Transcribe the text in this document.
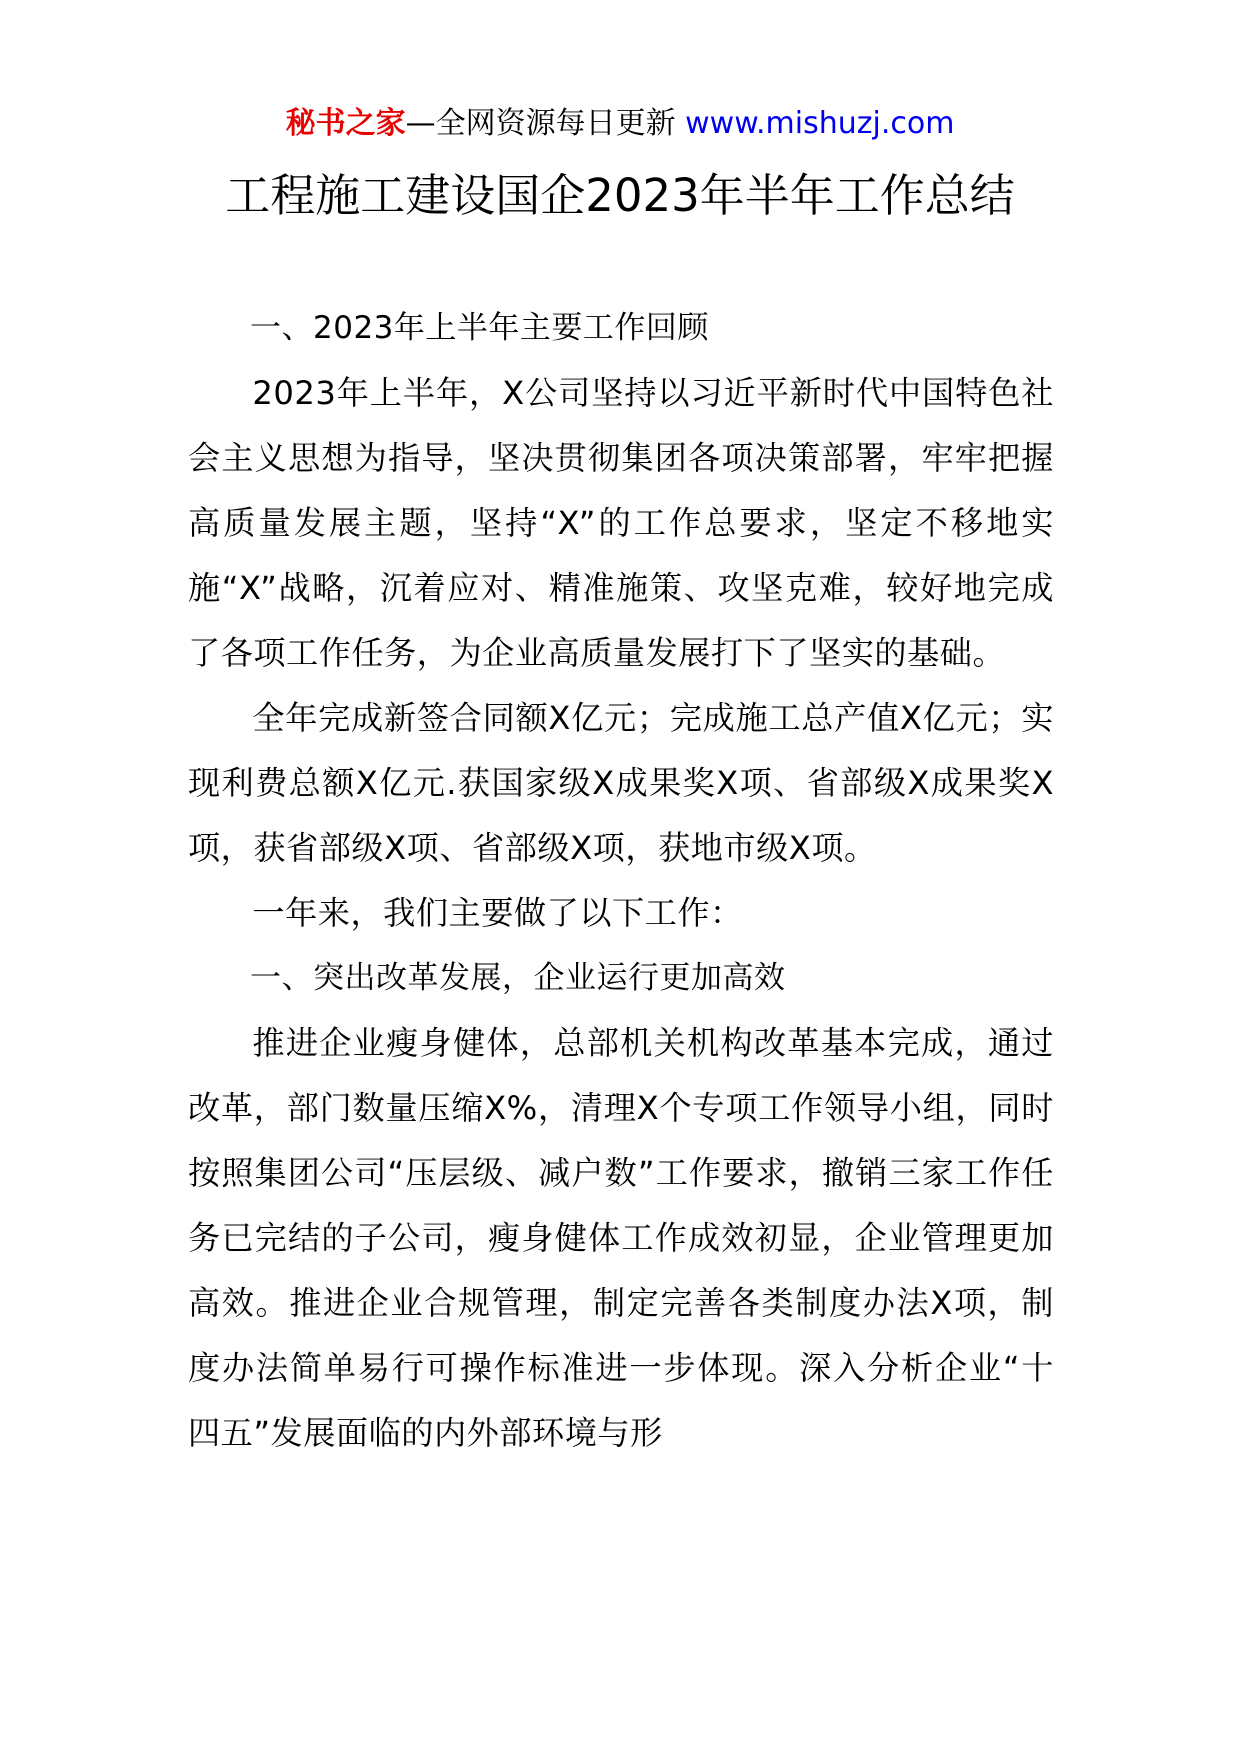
秘书之家—全网资源每日更新 www.mishuzj.com
工程施工建设国企2023年半年工作总结

一、2023年上半年主要工作回顾

2023年上半年，X公司坚持以习近平新时代中国特色社会主义思想为指导，坚决贯彻集团各项决策部署，牢牢把握高质量发展主题，坚持“X”的工作总要求，坚定不移地实施“X”战略，沉着应对、精准施策、攻坚克难，较好地完成了各项工作任务，为企业高质量发展打下了坚实的基础。

全年完成新签合同额X亿元；完成施工总产值X亿元；实现利费总额X亿元.获国家级X成果奖X项、省部级X成果奖X项，获省部级X项、省部级X项，获地市级X项。

一年来，我们主要做了以下工作：

一、突出改革发展，企业运行更加高效

推进企业瘦身健体，总部机关机构改革基本完成，通过改革，部门数量压缩X%，清理X个专项工作领导小组，同时按照集团公司“压层级、减户数”工作要求，撤销三家工作任务已完结的子公司，瘦身健体工作成效初显，企业管理更加高效。推进企业合规管理，制定完善各类制度办法X项，制度办法简单易行可操作标准进一步体现。深入分析企业“十四五”发展面临的内外部环境与形
